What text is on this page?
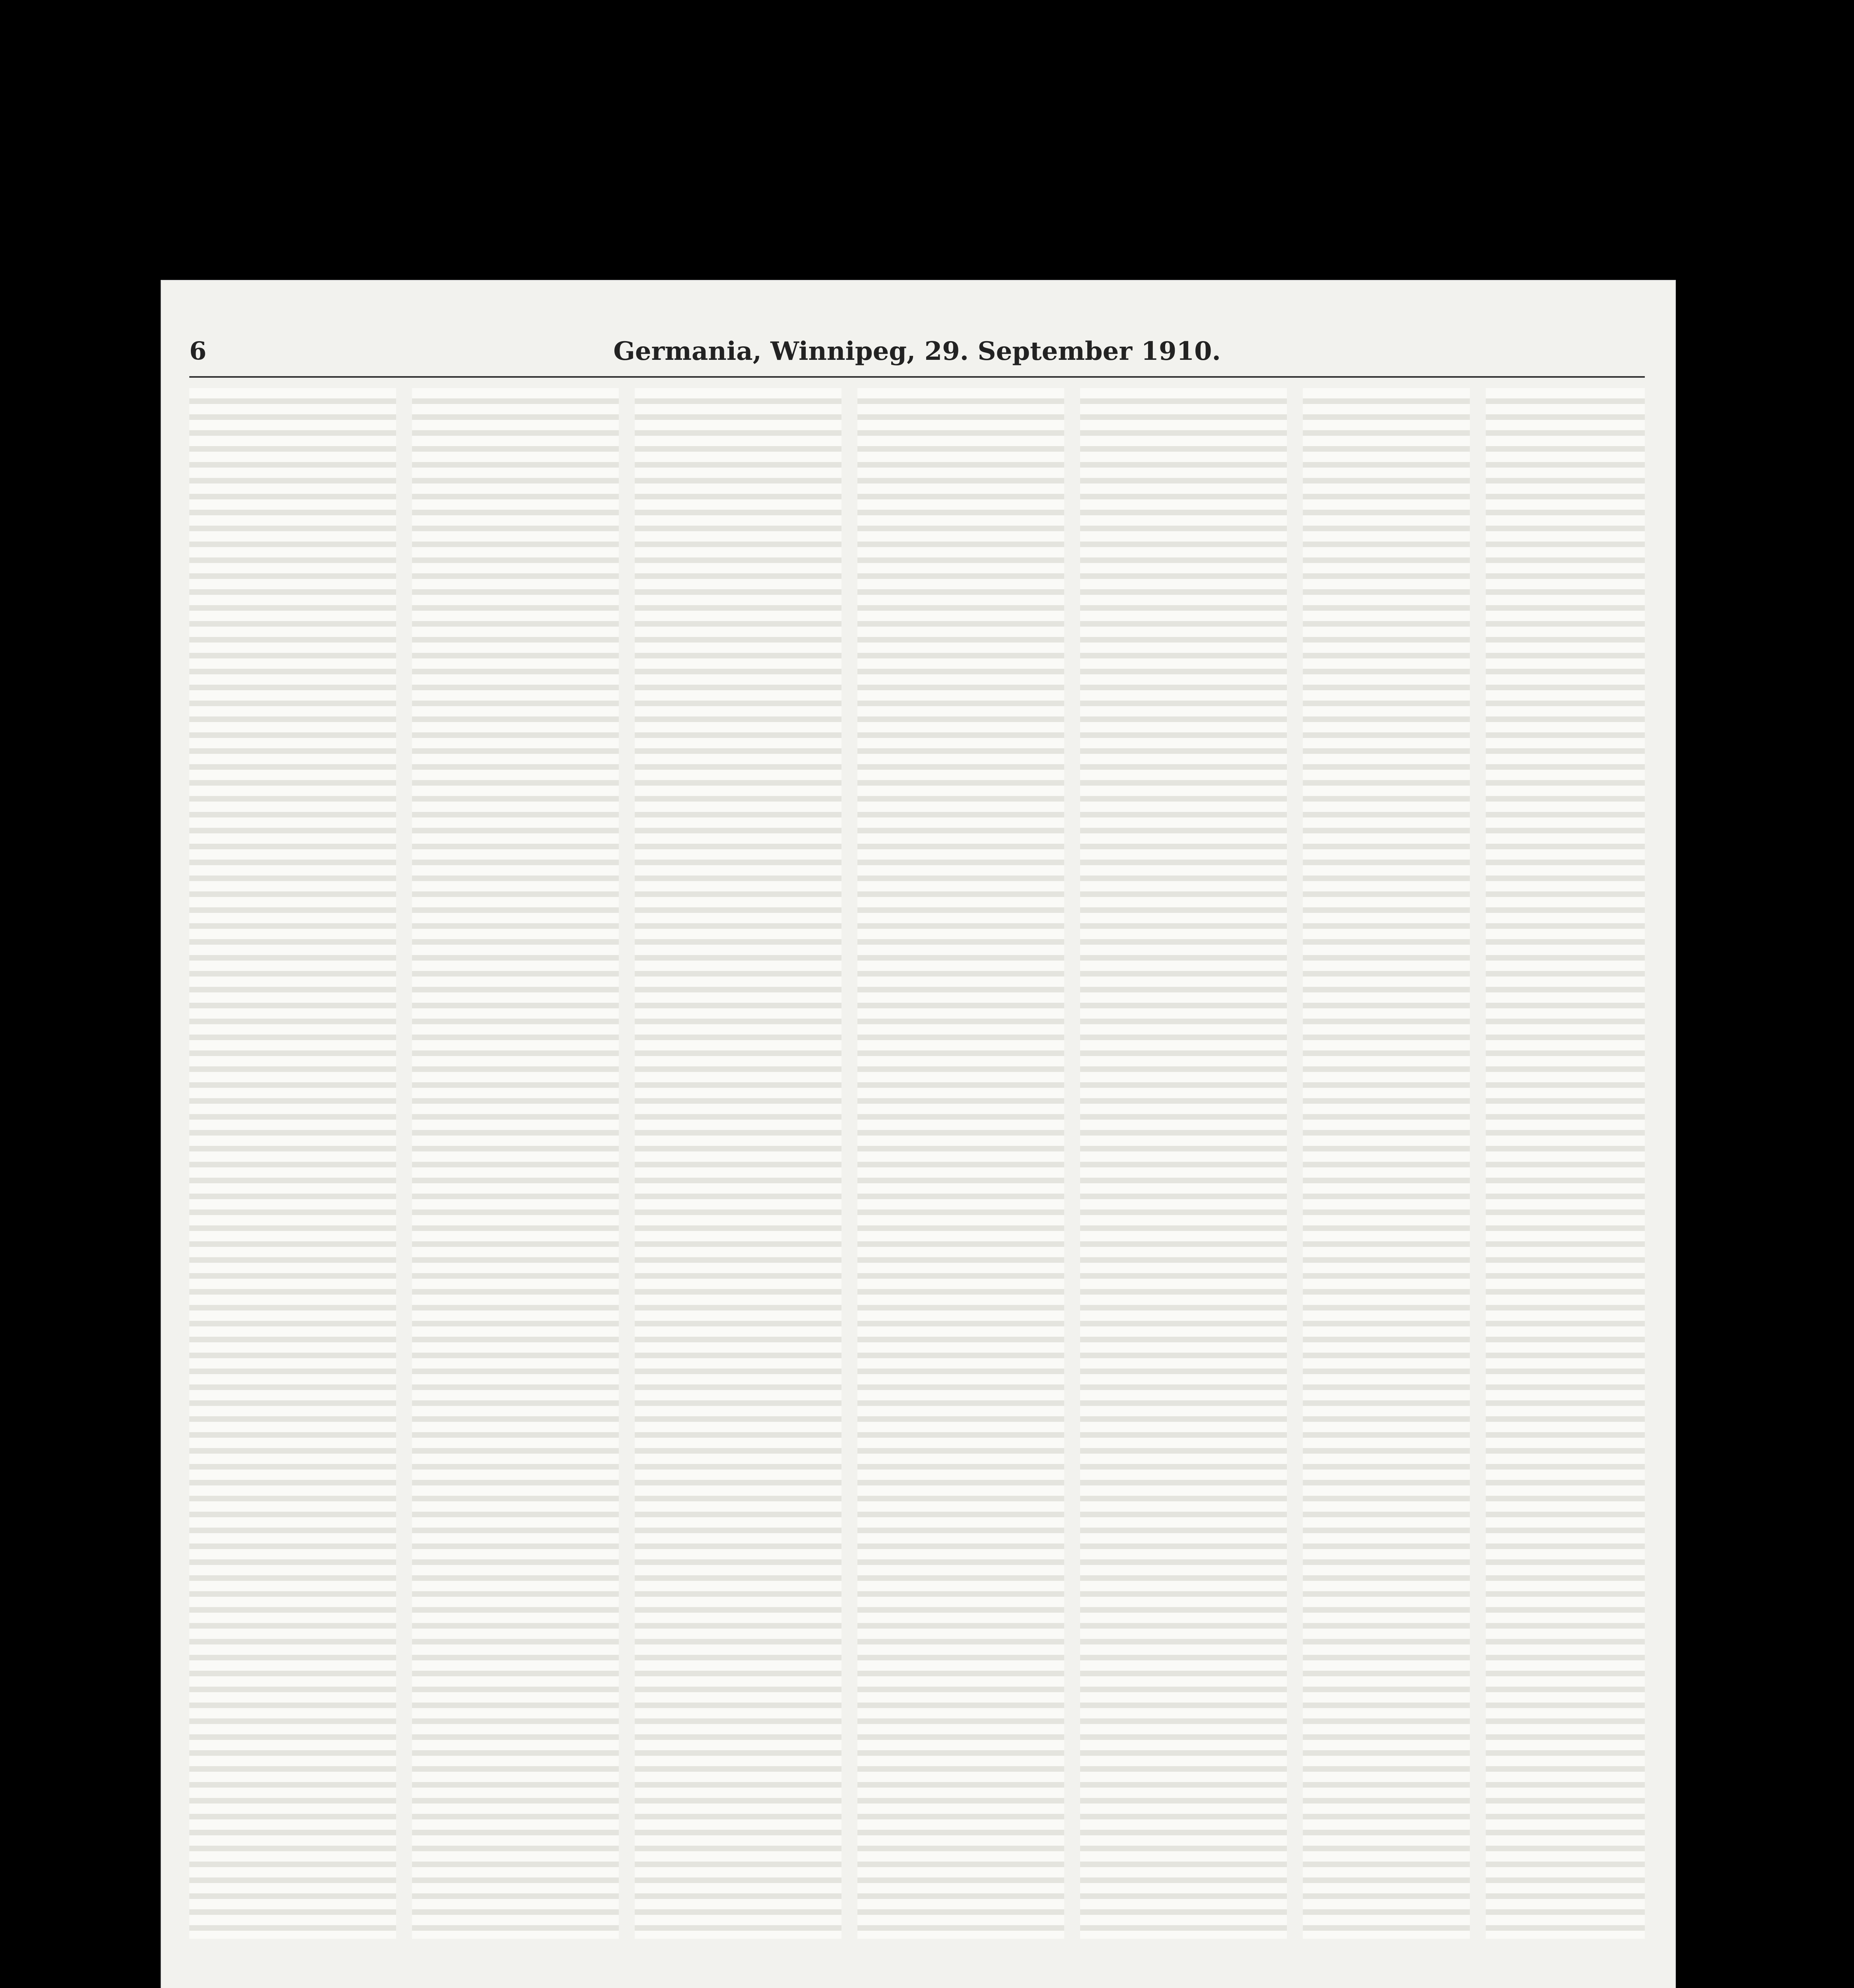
6	Germania, Winnipeg, 29. September 1910.
